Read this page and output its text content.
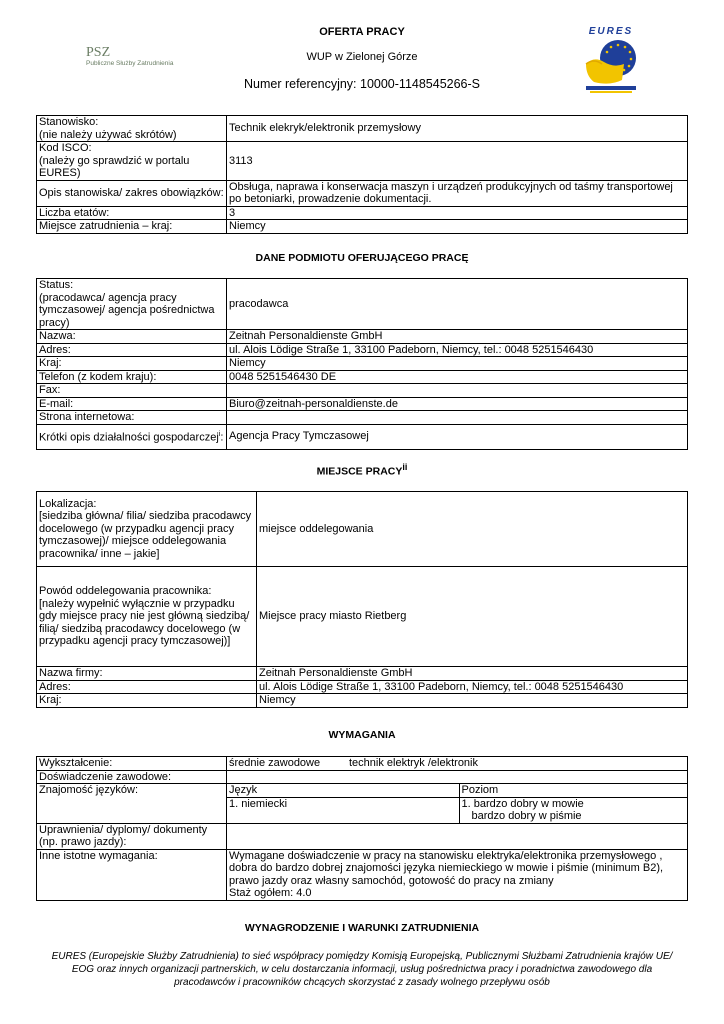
PSZ
Publiczne Służby Zatrudnienia
OFERTA PRACY
WUP w Zielonej Górze
Numer referencyjny: 10000-1148545266-S
EURES
Stanowisko:
(nie należy używać skrótów)	Technik elekryk/elektronik przemysłowy
Kod ISCO:
(należy go sprawdzić w portalu EURES)	3113
Opis stanowiska/ zakres obowiązków:	Obsługa, naprawa i konserwacja maszyn i urządzeń produkcyjnych od taśmy transportowej po betoniarki, prowadzenie dokumentacji.
Liczba etatów:	3
Miejsce zatrudnienia – kraj:	Niemcy
DANE PODMIOTU OFERUJĄCEGO PRACĘ
Status:
(pracodawca/ agencja pracy tymczasowej/ agencja pośrednictwa pracy)	pracodawca
Nazwa:	Zeitnah Personaldienste GmbH
Adres:	ul. Alois Lödige Straße 1, 33100 Padeborn, Niemcy, tel.: 0048 5251546430
Kraj:	Niemcy
Telefon (z kodem kraju):	0048 5251546430 DE
Fax:	
E-mail:	Biuro@zeitnah-personaldienste.de
Strona internetowa:	
Krótki opis działalności gospodarczej$^i$:	Agencja Pracy Tymczasowej
MIEJSCE PRACY$^{ii}$
Lokalizacja:
[siedziba główna/ filia/ siedziba pracodawcy docelowego (w przypadku agencji pracy tymczasowej)/ miejsce oddelegowania pracownika/ inne – jakie]	miejsce oddelegowania
Powód oddelegowania pracownika:
[należy wypełnić wyłącznie w przypadku gdy miejsce pracy nie jest główną siedzibą/ filią/ siedzibą pracodawcy docelowego (w przypadku agencji pracy tymczasowej)]	Miejsce pracy miasto Rietberg
Nazwa firmy:	Zeitnah Personaldienste GmbH
Adres:	ul. Alois Lödige Straße 1, 33100 Padeborn, Niemcy, tel.: 0048 5251546430
Kraj:	Niemcy
WYMAGANIA
Wykształcenie:	średnie zawodowe	technik elektryk /elektronik
Doświadczenie zawodowe:	
Znajomość języków:		Język	Poziom
1. niemiecki	1. bardzo dobry w mowie
bardzo dobry w piśmie

Uprawnienia/ dyplomy/ dokumenty
(np. prawo jazdy):	
Inne istotne wymagania:	Wymagane doświadczenie w pracy na stanowisku elektryka/elektronika przemysłowego , dobra do bardzo dobrej znajomości języka niemieckiego w mowie i piśmie (minimum B2), prawo jazdy oraz własny samochód, gotowość do pracy na zmiany
Staż ogółem: 4.0
WYNAGRODZENIE I WARUNKI ZATRUDNIENIA
EURES (Europejskie Służby Zatrudnienia) to sieć współpracy pomiędzy Komisją Europejską, Publicznymi Służbami Zatrudnienia krajów UE/ EOG oraz innych organizacji partnerskich, w celu dostarczania informacji, usług pośrednictwa pracy i poradnictwa zawodowego dla pracodawców i pracowników chcących skorzystać z zasady wolnego przepływu osób
